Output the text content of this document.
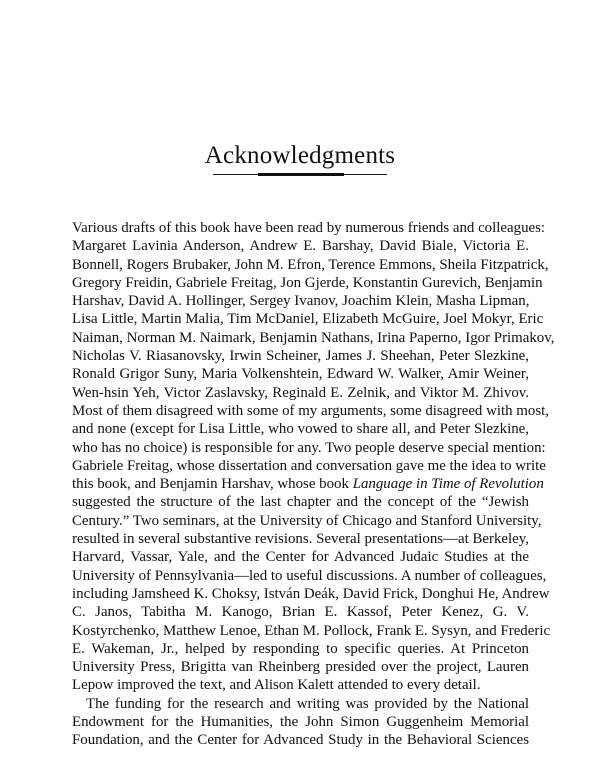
Acknowledgments

Various drafts of this book have been read by numerous friends and colleagues:
Margaret Lavinia Anderson, Andrew E. Barshay, David Biale, Victoria E.
Bonnell, Rogers Brubaker, John M. Efron, Terence Emmons, Sheila Fitzpatrick,
Gregory Freidin, Gabriele Freitag, Jon Gjerde, Konstantin Gurevich, Benjamin
Harshav, David A. Hollinger, Sergey Ivanov, Joachim Klein, Masha Lipman,
Lisa Little, Martin Malia, Tim McDaniel, Elizabeth McGuire, Joel Mokyr, Eric
Naiman, Norman M. Naimark, Benjamin Nathans, Irina Paperno, Igor Primakov,
Nicholas V. Riasanovsky, Irwin Scheiner, James J. Sheehan, Peter Slezkine,
Ronald Grigor Suny, Maria Volkenshtein, Edward W. Walker, Amir Weiner,
Wen-hsin Yeh, Victor Zaslavsky, Reginald E. Zelnik, and Viktor M. Zhivov.
Most of them disagreed with some of my arguments, some disagreed with most,
and none (except for Lisa Little, who vowed to share all, and Peter Slezkine,
who has no choice) is responsible for any. Two people deserve special mention:
Gabriele Freitag, whose dissertation and conversation gave me the idea to write
this book, and Benjamin Harshav, whose book Language in Time of Revolution
suggested the structure of the last chapter and the concept of the “Jewish
Century.” Two seminars, at the University of Chicago and Stanford University,
resulted in several substantive revisions. Several presentations—at Berkeley,
Harvard, Vassar, Yale, and the Center for Advanced Judaic Studies at the
University of Pennsylvania—led to useful discussions. A number of colleagues,
including Jamsheed K. Choksy, István Deák, David Frick, Donghui He, Andrew
C. Janos, Tabitha M. Kanogo, Brian E. Kassof, Peter Kenez, G. V.
Kostyrchenko, Matthew Lenoe, Ethan M. Pollock, Frank E. Sysyn, and Frederic
E. Wakeman, Jr., helped by responding to specific queries. At Princeton
University Press, Brigitta van Rheinberg presided over the project, Lauren
Lepow improved the text, and Alison Kalett attended to every detail.

The funding for the research and writing was provided by the National
Endowment for the Humanities, the John Simon Guggenheim Memorial
Foundation, and the Center for Advanced Study in the Behavioral Sciences
